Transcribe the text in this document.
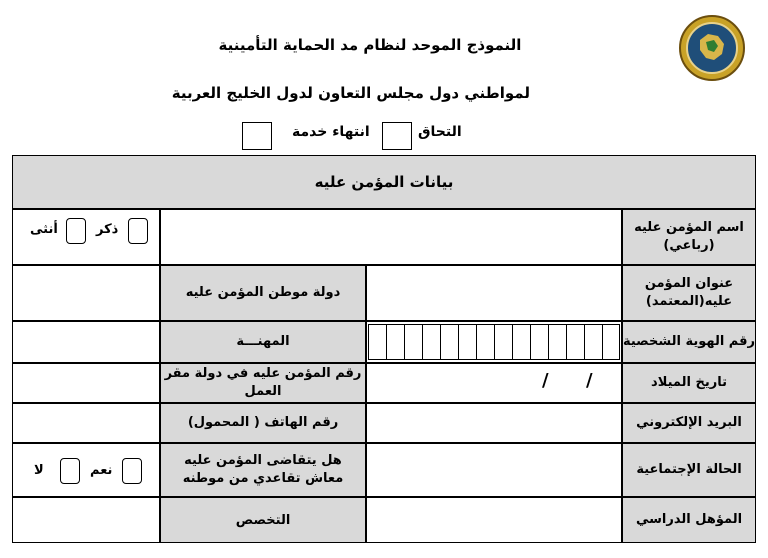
النموذج الموحد لنظام مد الحماية التأمينية
لمواطني دول مجلس التعاون لدول الخليج العربية
التحاق
انتهاء خدمة
بيانات المؤمن عليه
اسم المؤمن عليه (رباعي)
ذكر
أنثى
عنوان المؤمن عليه(المعتمد)
دولة موطن المؤمن عليه
رقم الهوية الشخصية
المهنـــة
تاريخ الميلاد
/
/
رقم المؤمن عليه في دولة مقر العمل
البريد الإلكتروني
رقم الهاتف ( المحمول)
الحالة الإجتماعية
هل يتقاضى المؤمن عليه معاش تقاعدي من موطنه
نعم
لا
المؤهل الدراسي
التخصص
